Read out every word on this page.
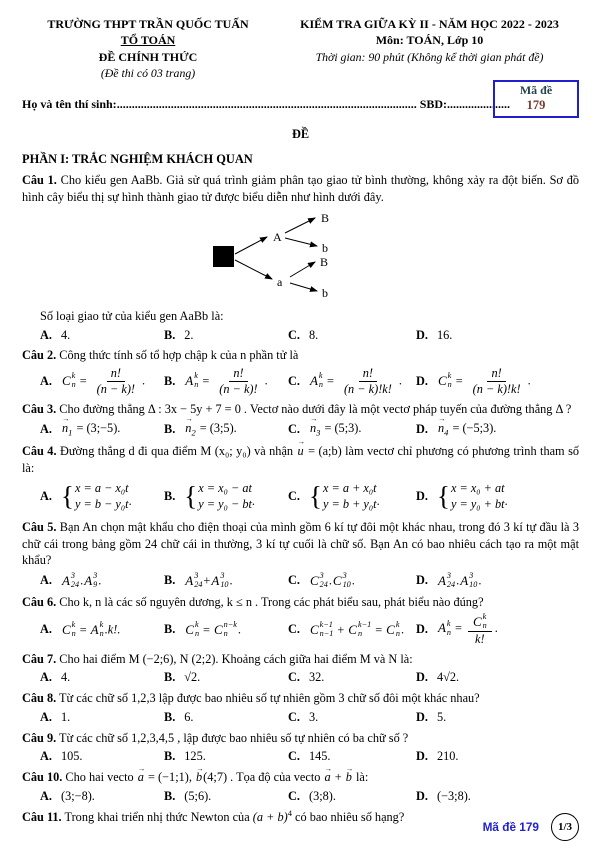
TRƯỜNG THPT TRẦN QUỐC TUẤN
TỔ TOÁN
ĐỀ CHÍNH THỨC
(Đề thi có 03 trang)
KIỂM TRA GIỮA KỲ II - NĂM HỌC 2022 - 2023
Môn: TOÁN, Lớp 10
Thời gian: 90 phút (Không kể thời gian phát đề)
Mã đề
179
Họ và tên thí sinh:.................................................................................................... SBD:.....................
ĐỀ
PHẦN I: TRẮC NGHIỆM KHÁCH QUAN

Câu 1. Cho kiểu gen AaBb. Giả sử quá trình giảm phân tạo giao tử bình thường, không xảy ra đột biến. Sơ đồ hình cây biểu thị sự hình thành giao tử được biểu diễn như hình dưới đây.

A
a
B
b
B
b

Số loại giao tử của kiểu gen AaBb là:

A. 4.	B. 2.	C. 8.	D. 16.

Câu 2. Công thức tính số tổ hợp chập k của n phần tử là

A. C k
$n = \frac{n!}{(n - k)!}$ . B. A k
$n = \frac{n!}{(n - k)!}$ . C. A k
$n = \frac{n!}{(n - k)!k!}$ . D. C k
$n = \frac{n!}{(n - k)!k!}$ .

Câu 3. Cho đường thẳng Δ : 3x − 5y + 7 = 0 . Vectơ nào dưới đây là một vectơ pháp tuyến của đường thẳng Δ ?

A. $n \to_1$ = (3;−5).	B. $n \to_2$ = (3;5).	C. $n \to_3$ = (5;3).	D. $n \to_4$ = (−5;3).

Câu 4. Đường thẳng d đi qua điểm M (x₀; y₀) và nhận u → = (a;b) làm vectơ chỉ phương có phương trình tham số là:

A.
{
x = a − x₀t
y = b − y₀t .	B.
{
x = x₀ − at
y = y₀ − bt .	C.
{
x = a + x₀t
y = b + y₀t .	D.
{
x = x₀ + at
y = y₀ + bt .

Câu 5. Bạn An chọn mật khẩu cho điện thoại của mình gồm 6 kí tự đôi một khác nhau, trong đó 3 kí tự đầu là 3 chữ cái trong bảng gồm 24 chữ cái in thường, 3 kí tự cuối là chữ số. Bạn An có bao nhiêu cách tạo ra một mật khẩu?

A. A 3
24 . A 3
9 .	B. A 3
24 + A 3
10 .	C. C 3
24 . C 3
10 .	D. A 3
24 . A 3
10 .

Câu 6. Cho k, n là các số nguyên dương, k ≤ n . Trong các phát biểu sau, phát biểu nào đúng?

A. C k
n = A k
n .k!.	B. C k
n = C n−k
n .	C. C k−1
n−1 + C k−1
n	= C k
n . D. A k
n = C k
n
k! .

Câu 7. Cho hai điểm M (−2;6), N (2;2). Khoảng cách giữa hai điểm M và N là:

A. 4.	B. √2.	C. 32.	D. 4√2.

Câu 8. Từ các chữ số 1,2,3 lập được bao nhiêu số tự nhiên gồm 3 chữ số đôi một khác nhau?

A. 1.	B. 6.	C. 3.	D. 5.

Câu 9. Từ các chữ số 1,2,3,4,5 , lập được bao nhiêu số tự nhiên có ba chữ số ?

A. 105.	B. 125.	C. 145.	D. 210.

Câu 10. Cho hai vecto a → = (−1;1), b →(4;7) . Tọa độ của vecto a → + b → là:

A. (3;−8).	B. (5;6).	C. (3;8).	D. (−3;8).

Câu 11. Trong khai triển nhị thức Newton của $(a + b)^4$ có bao nhiêu số hạng?

Mã đề 179	1/3
